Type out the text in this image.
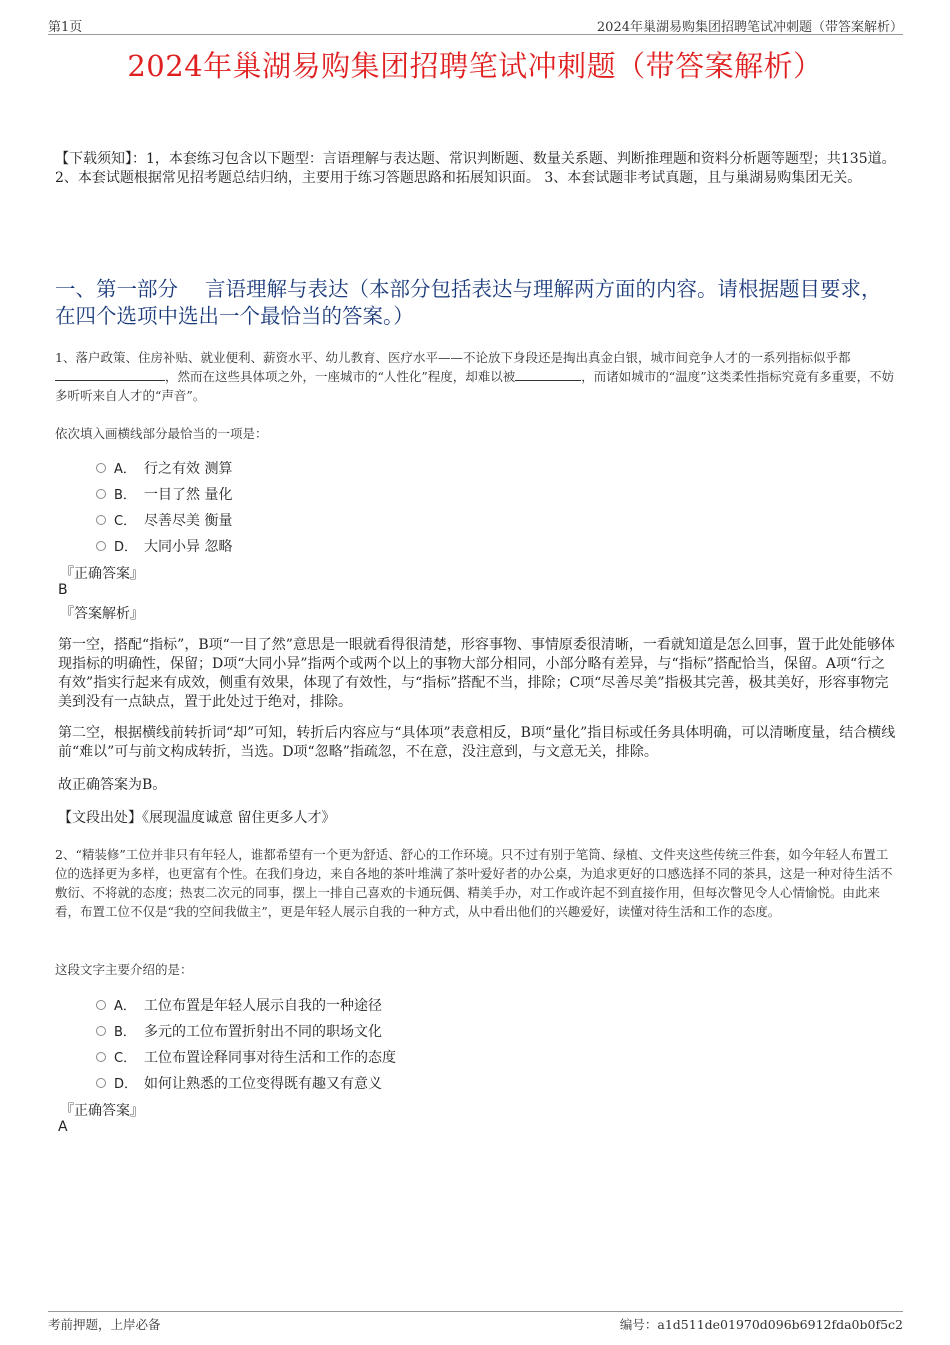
第1页	2024年巢湖易购集团招聘笔试冲刺题（带答案解析）
2024年巢湖易购集团招聘笔试冲刺题（带答案解析）
【下载须知】：1，本套练习包含以下题型：言语理解与表达题、常识判断题、数量关系题、判断推理题和资料分析题等题型；共135道。 2、本套试题根据常见招考题总结归纳，主要用于练习答题思路和拓展知识面。 3、本套试题非考试真题，且与巢湖易购集团无关。
一、第一部分　 言语理解与表达（本部分包括表达与理解两方面的内容。请根据题目要求，在四个选项中选出一个最恰当的答案。）
1、落户政策、住房补贴、就业便利、薪资水平、幼儿教育、医疗水平——不论放下身段还是掏出真金白银，城市间竞争人才的一系列指标似乎都，然而在这些具体项之外，一座城市的“人性化”程度，却难以被	，而诸如城市的“温度”这类柔性指标究竟有多重要，不妨多听听来自人才的“声音”。
依次填入画横线部分最恰当的一项是：
A． 行之有效 测算
B． 一目了然 量化
C． 尽善尽美 衡量
D． 大同小异 忽略
『正确答案』
B
『答案解析』
第一空，搭配“指标”，B项“一目了然”意思是一眼就看得很清楚，形容事物、事情原委很清晰，一看就知道是怎么回事，置于此处能够体现指标的明确性，保留；D项“大同小异”指两个或两个以上的事物大部分相同，小部分略有差异，与“指标”搭配恰当，保留。A项“行之有效”指实行起来有成效，侧重有效果，体现了有效性，与“指标”搭配不当，排除；C项“尽善尽美”指极其完善，极其美好，形容事物完美到没有一点缺点，置于此处过于绝对，排除。
第二空，根据横线前转折词“却”可知，转折后内容应与“具体项”表意相反，B项“量化”指目标或任务具体明确，可以清晰度量，结合横线前“难以”可与前文构成转折，当选。D项“忽略”指疏忽，不在意，没注意到，与文意无关，排除。
故正确答案为B。
【文段出处】《展现温度诚意 留住更多人才》
2、“精装修”工位并非只有年轻人，谁都希望有一个更为舒适、舒心的工作环境。只不过有别于笔筒、绿植、文件夹这些传统三件套，如今年轻人布置工位的选择更为多样，也更富有个性。在我们身边，来自各地的茶叶堆满了茶叶爱好者的办公桌，为追求更好的口感选择不同的茶具，这是一种对待生活不敷衍、不将就的态度；热衷二次元的同事，摆上一排自己喜欢的卡通玩偶、精美手办，对工作或许起不到直接作用，但每次瞥见令人心情愉悦。由此来看，布置工位不仅是“我的空间我做主”，更是年轻人展示自我的一种方式，从中看出他们的兴趣爱好，读懂对待生活和工作的态度。
这段文字主要介绍的是：
A． 工位布置是年轻人展示自我的一种途径
B． 多元的工位布置折射出不同的职场文化
C． 工位布置诠释同事对待生活和工作的态度
D． 如何让熟悉的工位变得既有趣又有意义
『正确答案』
A
考前押题，上岸必备	编号：a1d511de01970d096b6912fda0b0f5c2
